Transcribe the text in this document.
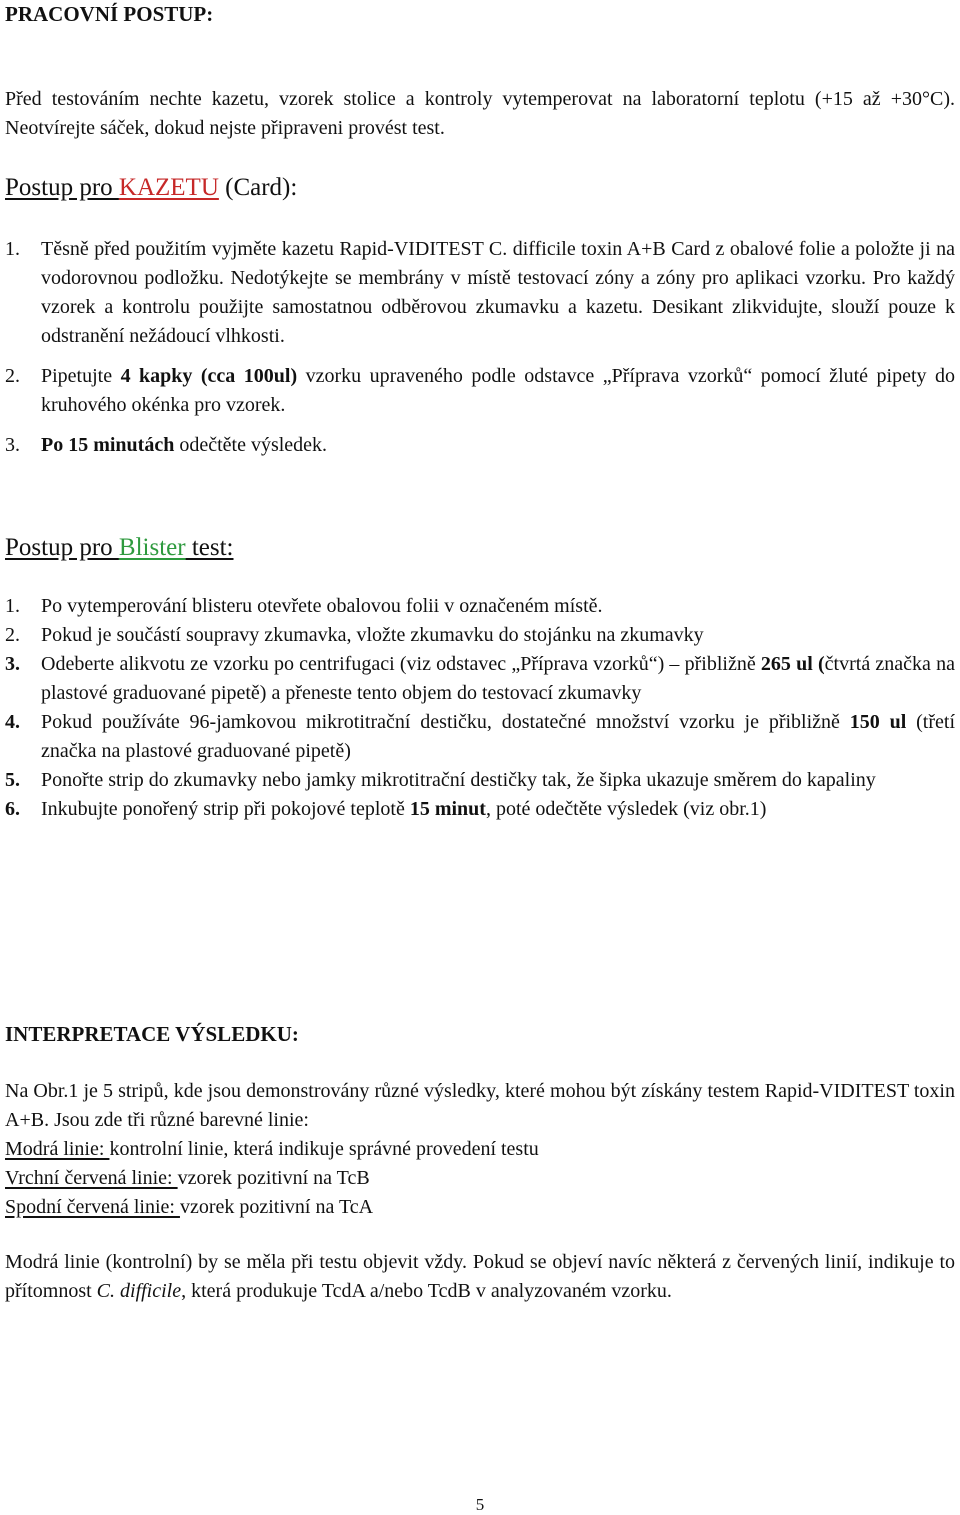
PRACOVNÍ POSTUP:
Před testováním nechte kazetu, vzorek stolice a kontroly vytemperovat na laboratorní teplotu (+15 až +30°C). Neotvírejte sáček, dokud nejste připraveni provést test.
Postup pro KAZETU (Card):
1. Těsně před použitím vyjměte kazetu Rapid-VIDITEST C. difficile toxin A+B Card z obalové folie a položte ji na vodorovnou podložku. Nedotýkejte se membrány v místě testovací zóny a zóny pro aplikaci vzorku. Pro každý vzorek a kontrolu použijte samostatnou odběrovou zkumavku a kazetu. Desikant zlikvidujte, slouží pouze k odstranění nežádoucí vlhkosti.
2. Pipetujte 4 kapky (cca 100ul) vzorku upraveného podle odstavce „Příprava vzorků“ pomocí žluté pipety do kruhového okénka pro vzorek.
3. Po 15 minutách odečtěte výsledek.
Postup pro Blister test:
1. Po vytemperování blisteru otevřete obalovou folii v označeném místě.
2. Pokud je součástí soupravy zkumavka, vložte zkumavku do stojánku na zkumavky
3. Odeberte alikvotu ze vzorku po centrifugaci (viz odstavec „Příprava vzorků“) – přibližně 265 ul (čtvrtá značka na plastové graduované pipetě) a přeneste tento objem do testovací zkumavky
4. Pokud používáte 96-jamkovou mikrotitrační destičku, dostatečné množství vzorku je přibližně 150 ul (třetí značka na plastové graduované pipetě)
5. Ponořte strip do zkumavky nebo jamky mikrotitrační destičky tak, že šipka ukazuje směrem do kapaliny
6. Inkubujte ponořený strip při pokojové teplotě 15 minut, poté odečtěte výsledek (viz obr.1)
INTERPRETACE VÝSLEDKU:
Na Obr.1 je 5 stripů, kde jsou demonstrovány různé výsledky, které mohou být získány testem Rapid-VIDITEST toxin A+B. Jsou zde tři různé barevné linie:
Modrá linie: kontrolní linie, která indikuje správné provedení testu
Vrchní červená linie: vzorek pozitivní na TcB
Spodní červená linie: vzorek pozitivní na TcA
Modrá linie (kontrolní) by se měla při testu objevit vždy. Pokud se objeví navíc některá z červených linií, indikuje to přítomnost C. difficile, která produkuje TcdA a/nebo TcdB v analyzovaném vzorku.
5
